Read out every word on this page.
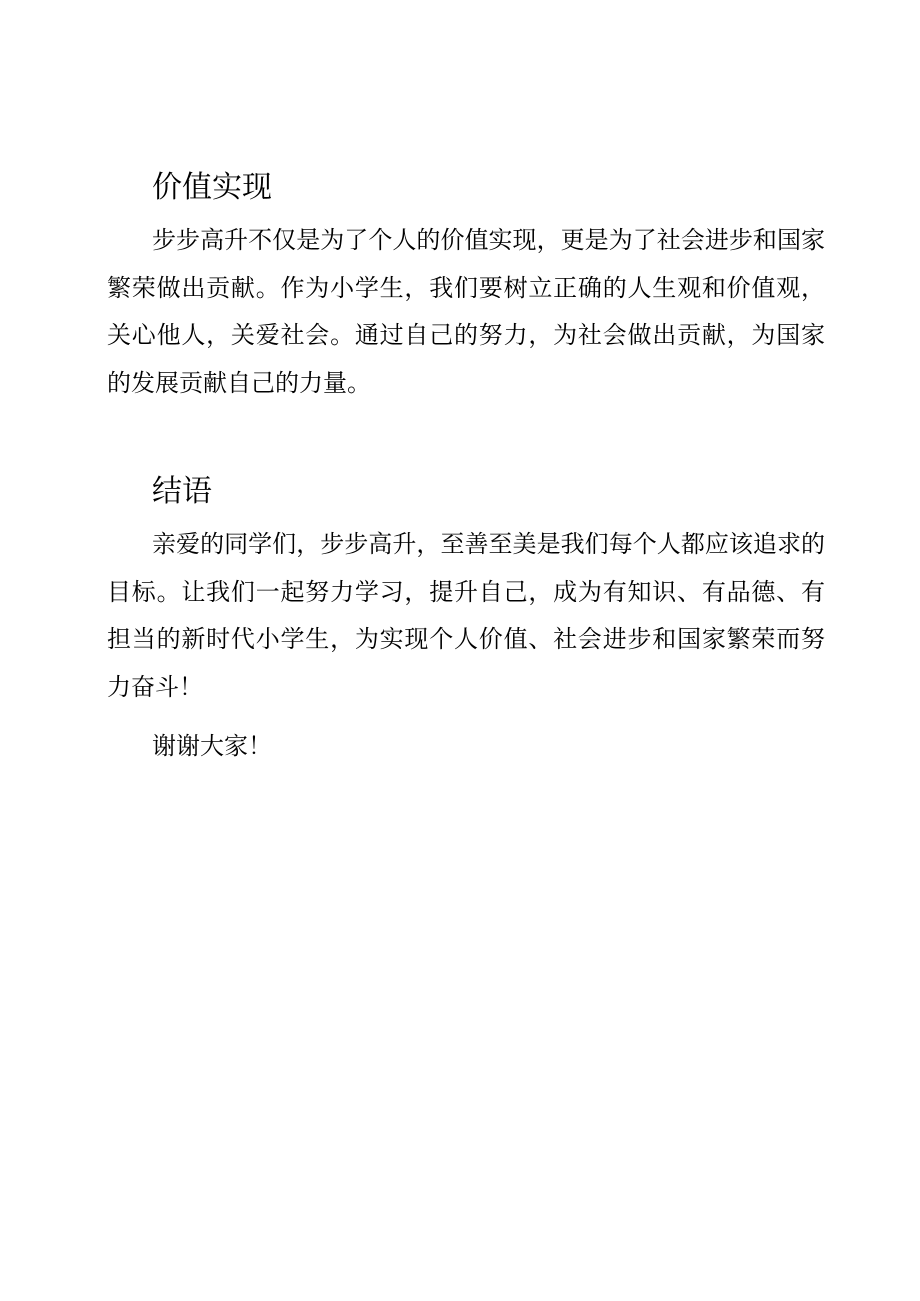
价值实现

步步高升不仅是为了个人的价值实现，更是为了社会进步和国家繁荣做出贡献。作为小学生，我们要树立正确的人生观和价值观，关心他人，关爱社会。通过自己的努力，为社会做出贡献，为国家的发展贡献自己的力量。

结语

亲爱的同学们，步步高升，至善至美是我们每个人都应该追求的目标。让我们一起努力学习，提升自己，成为有知识、有品德、有担当的新时代小学生，为实现个人价值、社会进步和国家繁荣而努力奋斗！

谢谢大家！
